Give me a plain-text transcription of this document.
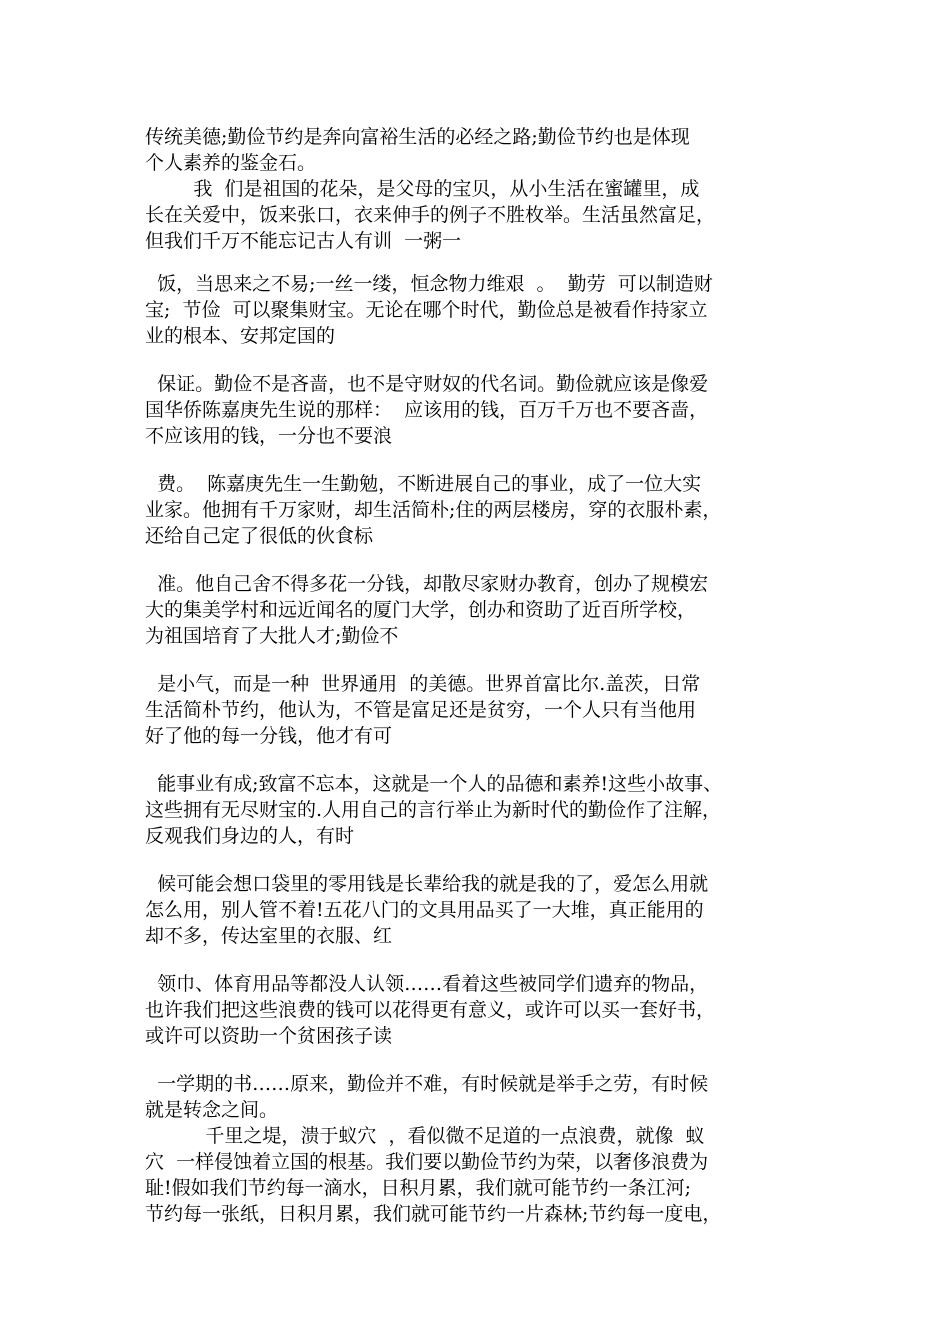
传统美德;勤俭节约是奔向富裕生活的必经之路;勤俭节约也是体现
个人素养的鉴金石。
我  们是祖国的花朵，是父母的宝贝，从小生活在蜜罐里，成
长在关爱中，饭来张口，衣来伸手的例子不胜枚举。生活虽然富足，
但我们千万不能忘记古人有训  一粥一
饭，当思来之不易;一丝一缕，恒念物力维艰  。  勤劳  可以制造财
宝;  节俭  可以聚集财宝。无论在哪个时代，勤俭总是被看作持家立
业的根本、安邦定国的
保证。勤俭不是吝啬，也不是守财奴的代名词。勤俭就应该是像爱
国华侨陈嘉庚先生说的那样：  应该用的钱，百万千万也不要吝啬，
不应该用的钱，一分也不要浪
费。  陈嘉庚先生一生勤勉，不断进展自己的事业，成了一位大实
业家。他拥有千万家财，却生活简朴;住的两层楼房，穿的衣服朴素，
还给自己定了很低的伙食标
准。他自己舍不得多花一分钱，却散尽家财办教育，创办了规模宏
大的集美学村和远近闻名的厦门大学，创办和资助了近百所学校，
为祖国培育了大批人才;勤俭不
是小气，而是一种  世界通用  的美德。世界首富比尔.盖茨，日常
生活简朴节约，他认为，不管是富足还是贫穷，一个人只有当他用
好了他的每一分钱，他才有可
能事业有成;致富不忘本，这就是一个人的品德和素养!这些小故事、
这些拥有无尽财宝的.人用自己的言行举止为新时代的勤俭作了注解，
反观我们身边的人，有时
候可能会想口袋里的零用钱是长辈给我的就是我的了，爱怎么用就
怎么用，别人管不着!五花八门的文具用品买了一大堆，真正能用的
却不多，传达室里的衣服、红
领巾、体育用品等都没人认领……看着这些被同学们遗弃的物品，
也许我们把这些浪费的钱可以花得更有意义，或许可以买一套好书，
或许可以资助一个贫困孩子读
一学期的书……原来，勤俭并不难，有时候就是举手之劳，有时候
就是转念之间。
千里之堤，溃于蚁穴  ，看似微不足道的一点浪费，就像  蚁
穴  一样侵蚀着立国的根基。我们要以勤俭节约为荣，以奢侈浪费为
耻!假如我们节约每一滴水，日积月累，我们就可能节约一条江河;
节约每一张纸，日积月累，我们就可能节约一片森林;节约每一度电，
